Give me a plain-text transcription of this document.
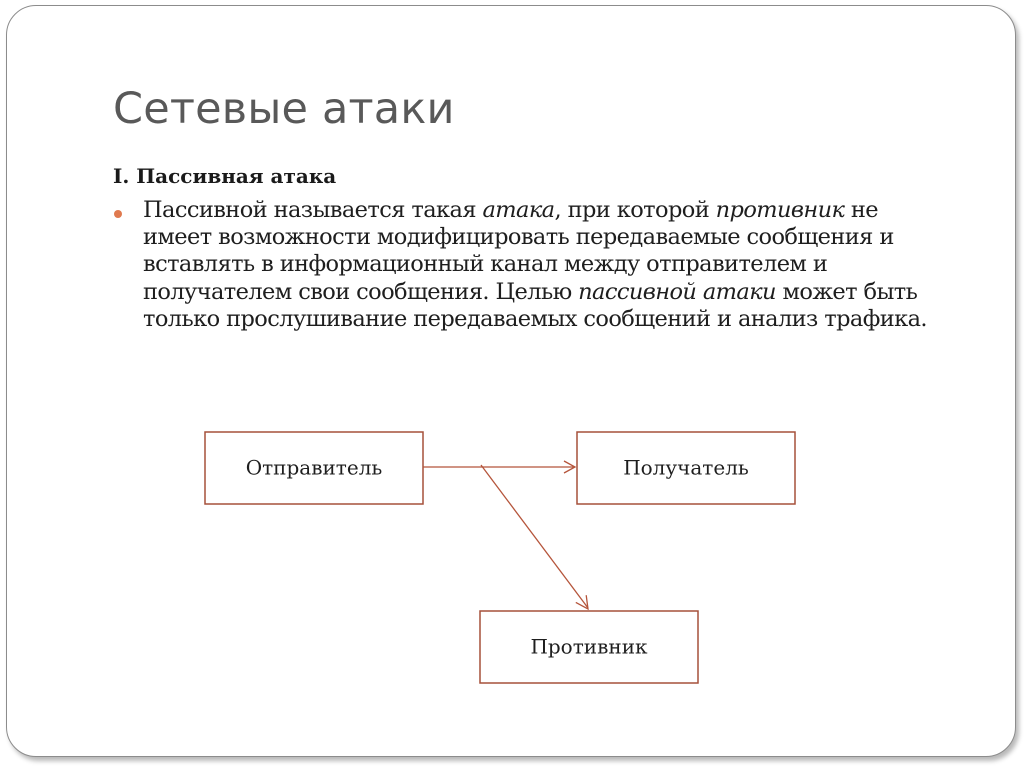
Сетевые атаки
I. Пассивная атака

Пассивной называется такая атака, при которой противник не имеет возможности модифицировать передаваемые сообщения и вставлять в информационный канал между отправителем и получателем свои сообщения. Целью пассивной атаки может быть только прослушивание передаваемых сообщений и анализ трафика.

Отправитель	Получатель
Противник
